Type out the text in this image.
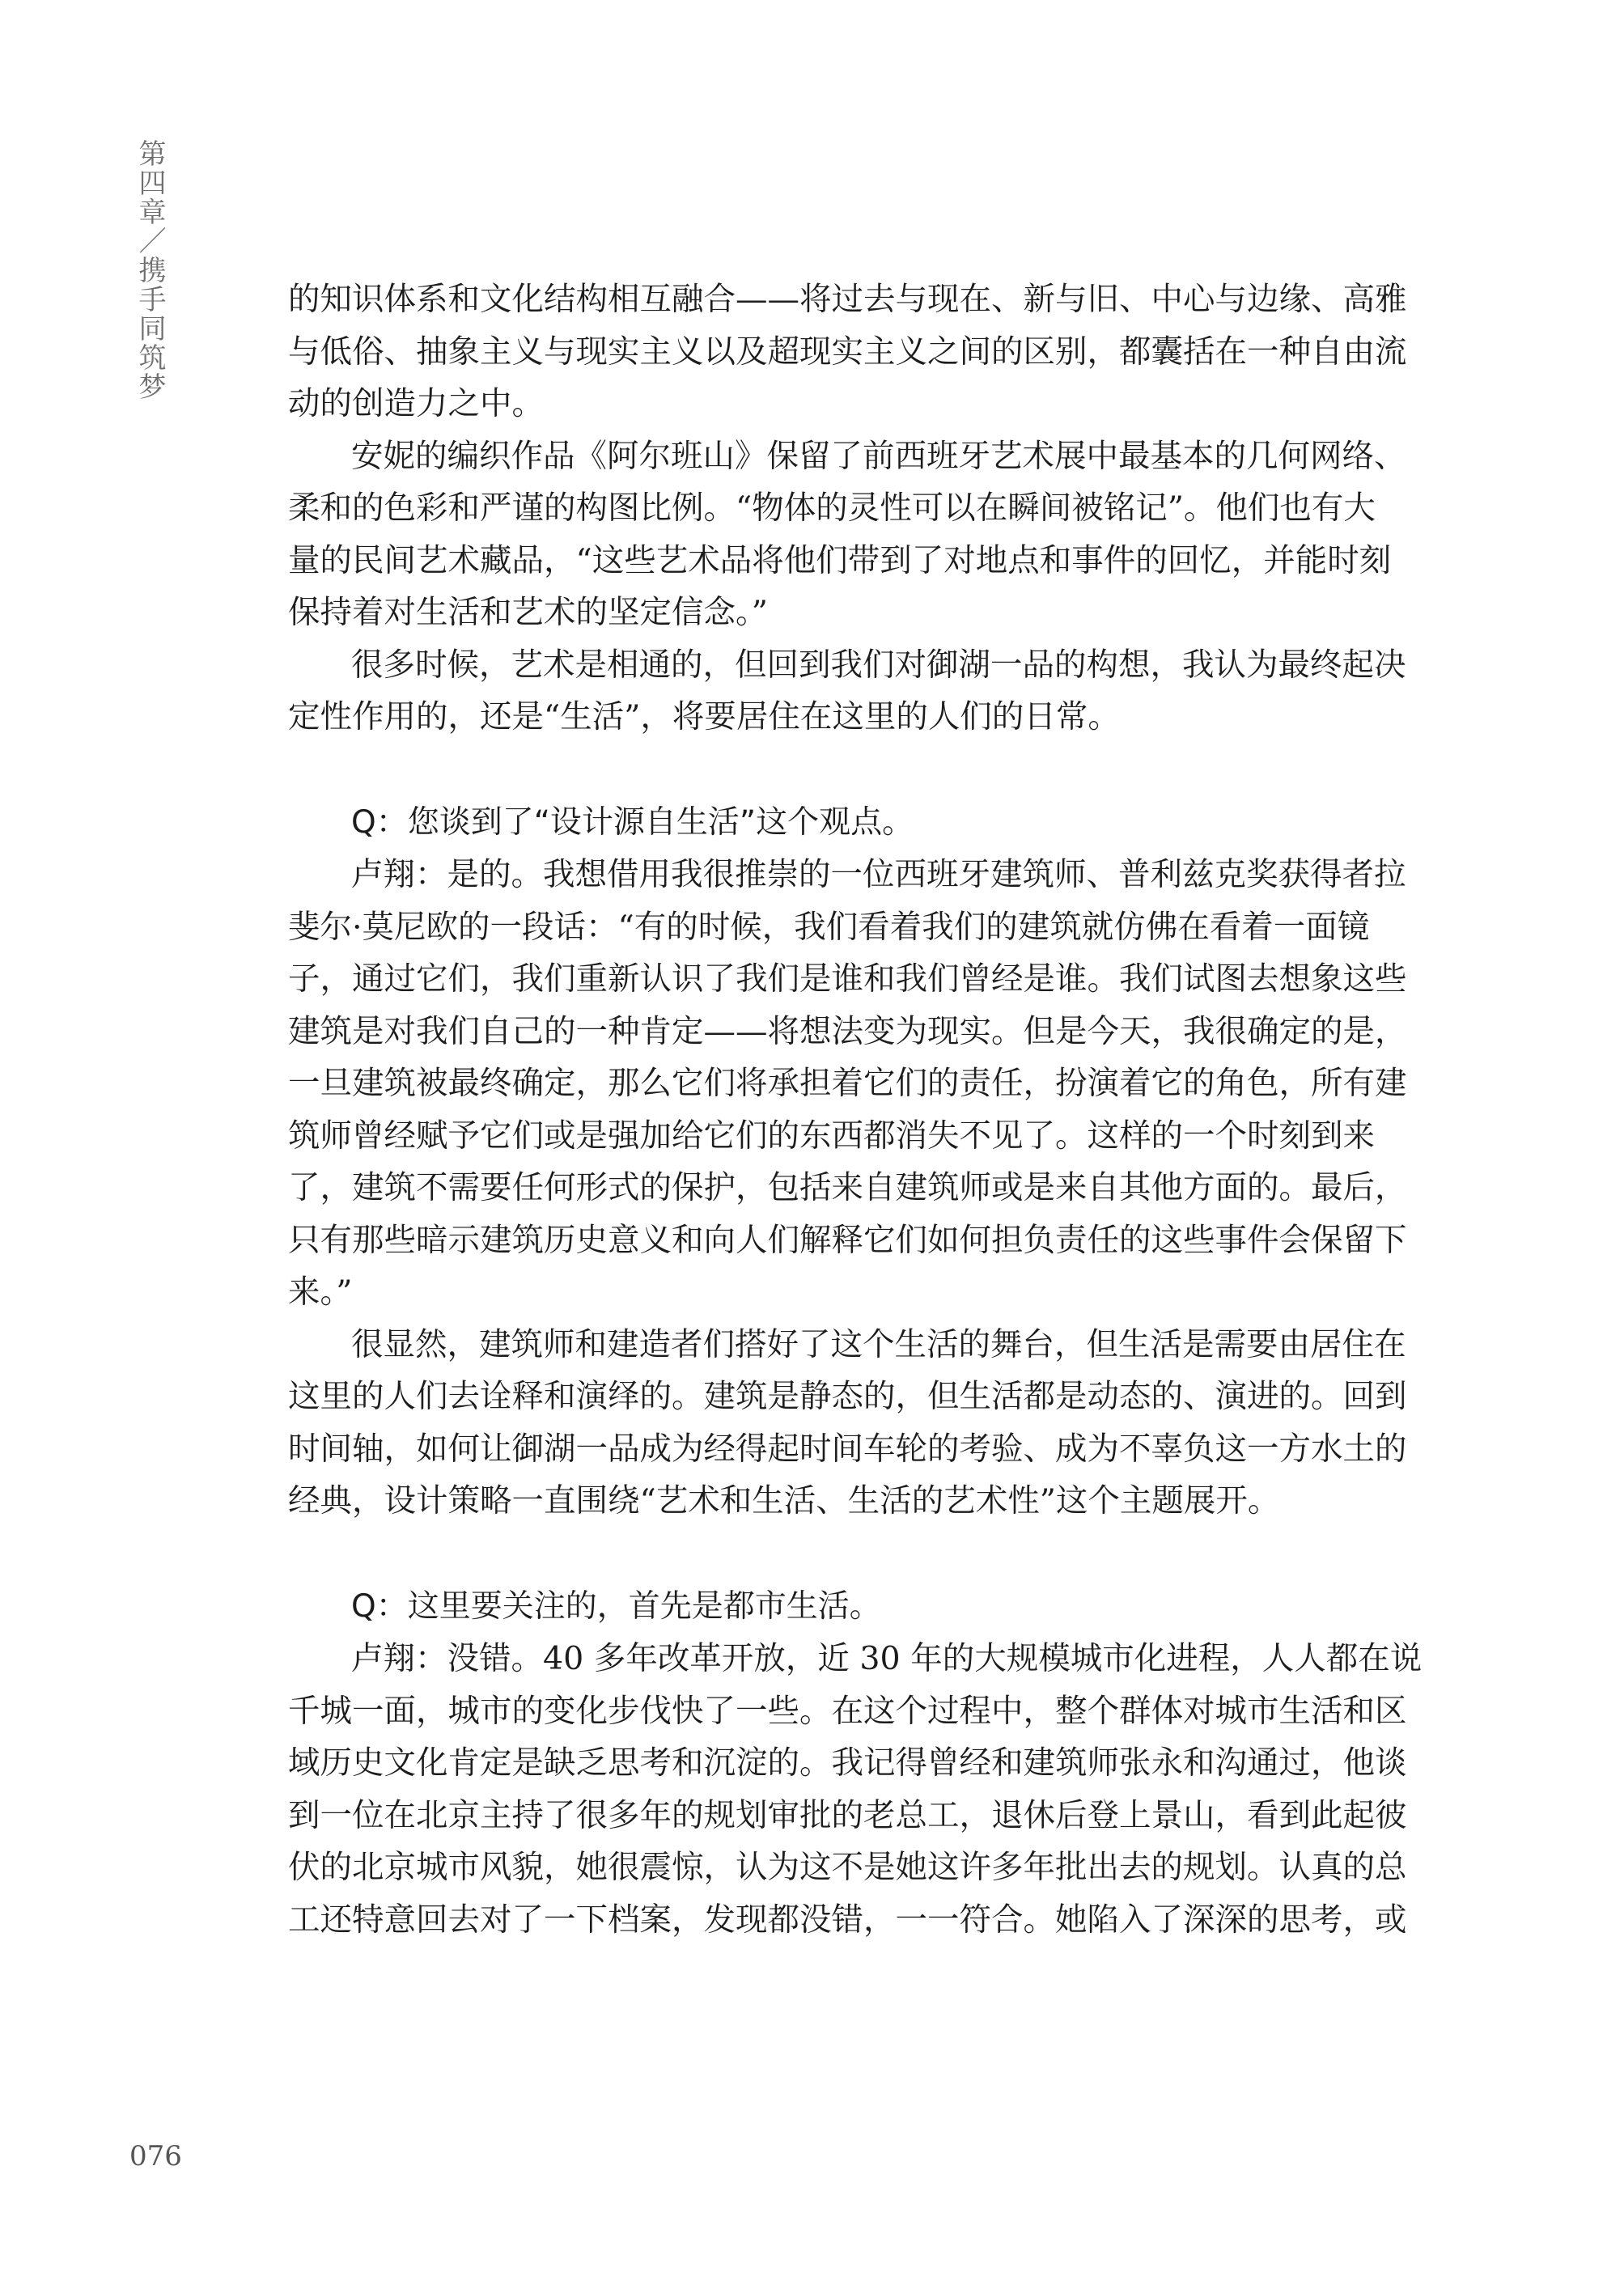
第四章／携手同筑梦	的知识体系和文化结构相互融合——将过去与现在、新与旧、中心与边缘、高雅
与低俗、抽象主义与现实主义以及超现实主义之间的区别，都囊括在一种自由流
动的创造力之中。
安妮的编织作品《阿尔班山》保留了前西班牙艺术展中最基本的几何网络、
柔和的色彩和严谨的构图比例。“物体的灵性可以在瞬间被铭记”。他们也有大
量的民间艺术藏品，“这些艺术品将他们带到了对地点和事件的回忆，并能时刻
保持着对生活和艺术的坚定信念。”
很多时候，艺术是相通的，但回到我们对御湖一品的构想，我认为最终起决
定性作用的，还是“生活”，将要居住在这里的人们的日常。
Q：您谈到了“设计源自生活”这个观点。
卢翔：是的。我想借用我很推崇的一位西班牙建筑师、普利兹克奖获得者拉
斐尔·莫尼欧的一段话：“有的时候，我们看着我们的建筑就仿佛在看着一面镜
子，通过它们，我们重新认识了我们是谁和我们曾经是谁。我们试图去想象这些
建筑是对我们自己的一种肯定——将想法变为现实。但是今天，我很确定的是，
一旦建筑被最终确定，那么它们将承担着它们的责任，扮演着它的角色，所有建
筑师曾经赋予它们或是强加给它们的东西都消失不见了。这样的一个时刻到来
了，建筑不需要任何形式的保护，包括来自建筑师或是来自其他方面的。最后，
只有那些暗示建筑历史意义和向人们解释它们如何担负责任的这些事件会保留下
来。”
很显然，建筑师和建造者们搭好了这个生活的舞台，但生活是需要由居住在
这里的人们去诠释和演绎的。建筑是静态的，但生活都是动态的、演进的。回到
时间轴，如何让御湖一品成为经得起时间车轮的考验、成为不辜负这一方水土的
经典，设计策略一直围绕“艺术和生活、生活的艺术性”这个主题展开。
Q：这里要关注的，首先是都市生活。
卢翔：没错。40 多年改革开放，近 30 年的大规模城市化进程，人人都在说
千城一面，城市的变化步伐快了一些。在这个过程中，整个群体对城市生活和区
域历史文化肯定是缺乏思考和沉淀的。我记得曾经和建筑师张永和沟通过，他谈
到一位在北京主持了很多年的规划审批的老总工，退休后登上景山，看到此起彼
伏的北京城市风貌，她很震惊，认为这不是她这许多年批出去的规划。认真的总
工还特意回去对了一下档案，发现都没错，一一符合。她陷入了深深的思考，或
076
